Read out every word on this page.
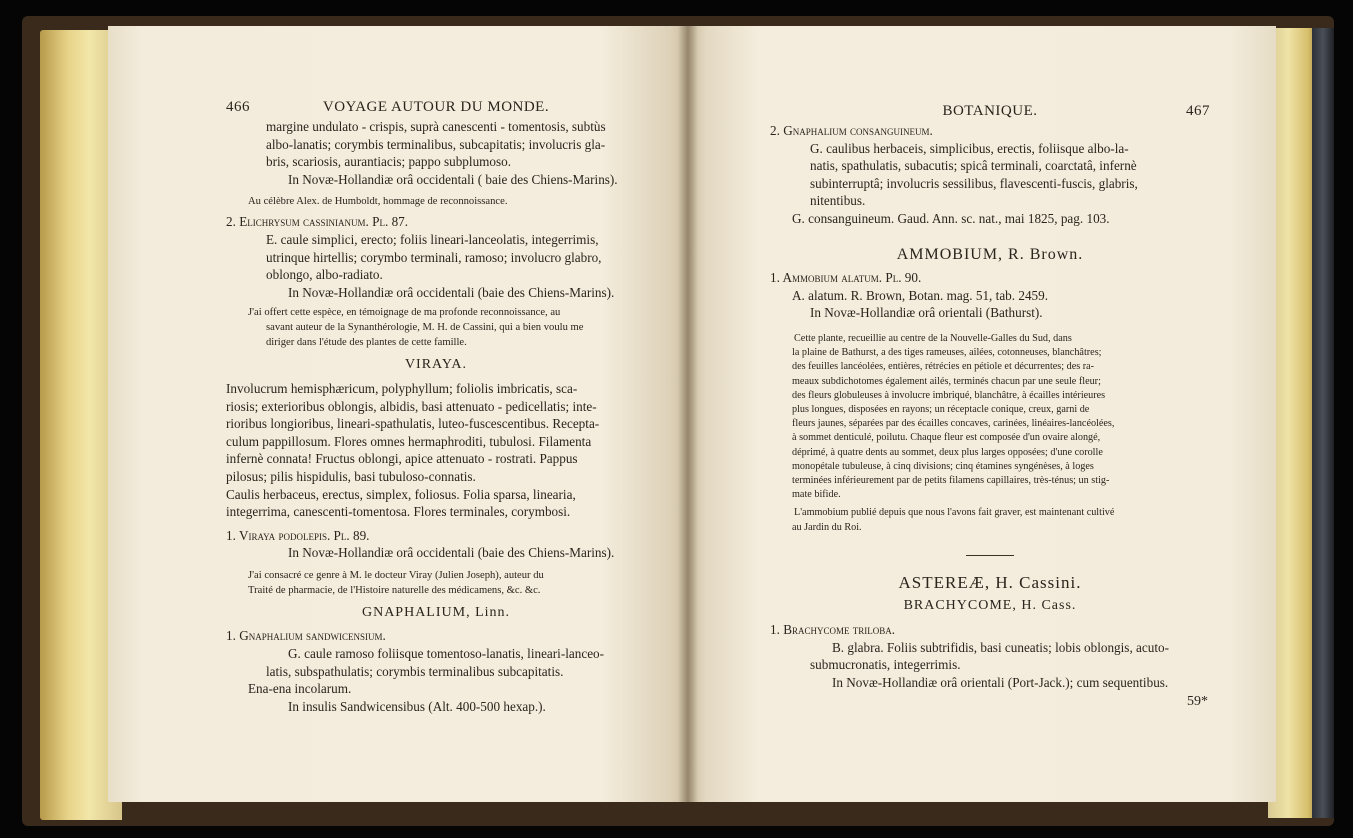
466	VOYAGE AUTOUR DU MONDE.

margine undulato - crispis, suprà canescenti - tomentosis, subtùs

albo-lanatis; corymbis terminalibus, subcapitatis; involucris gla-

bris, scariosis, aurantiacis; pappo subplumoso.

In Novæ-Hollandiæ orâ occidentali ( baie des Chiens-Marins).

Au célèbre Alex. de Humboldt, hommage de reconnoissance.

2. Elichrysum cassinianum. Pl. 87.

E. caule simplici, erecto; foliis lineari-lanceolatis, integerrimis,

utrinque hirtellis; corymbo terminali, ramoso; involucro glabro,

oblongo, albo-radiato.

In Novæ-Hollandiæ orâ occidentali (baie des Chiens-Marins).

J'ai offert cette espèce, en témoignage de ma profonde reconnoissance, au

savant auteur de la Synanthérologie, M. H. de Cassini, qui a bien voulu me

diriger dans l'étude des plantes de cette famille.

VIRAYA.

Involucrum hemisphæricum, polyphyllum; foliolis imbricatis, sca-

riosis; exterioribus oblongis, albidis, basi attenuato - pedicellatis; inte-

rioribus longioribus, lineari-spathulatis, luteo-fuscescentibus. Recepta-

culum pappillosum. Flores omnes hermaphroditi, tubulosi. Filamenta

infernè connata! Fructus oblongi, apice attenuato - rostrati. Pappus

pilosus; pilis hispidulis, basi tubuloso-connatis.

Caulis herbaceus, erectus, simplex, foliosus. Folia sparsa, linearia,

integerrima, canescenti-tomentosa. Flores terminales, corymbosi.

1. Viraya podolepis. Pl. 89.

In Novæ-Hollandiæ orâ occidentali (baie des Chiens-Marins).

J'ai consacré ce genre à M. le docteur Viray (Julien Joseph), auteur du

Traité de pharmacie, de l'Histoire naturelle des médicamens, &c. &c.

GNAPHALIUM, Linn.

1. Gnaphalium sandwicensium.

G. caule ramoso foliisque tomentoso-lanatis, lineari-lanceo-

latis, subspathulatis; corymbis terminalibus subcapitatis.

Ena-ena incolarum.

In insulis Sandwicensibus (Alt. 400-500 hexap.).

BOTANIQUE.	467

2. Gnaphalium consanguineum.

G. caulibus herbaceis, simplicibus, erectis, foliisque albo-la-

natis, spathulatis, subacutis; spicâ terminali, coarctatâ, infernè

subinterruptâ; involucris sessilibus, flavescenti-fuscis, glabris,

nitentibus.

G. consanguineum. Gaud. Ann. sc. nat., mai 1825, pag. 103.

AMMOBIUM, R. Brown.

1. Ammobium alatum. Pl. 90.

A. alatum. R. Brown, Botan. mag. 51, tab. 2459.

In Novæ-Hollandiæ orâ orientali (Bathurst).

Cette plante, recueillie au centre de la Nouvelle-Galles du Sud, dans

la plaine de Bathurst, a des tiges rameuses, ailées, cotonneuses, blanchâtres;

des feuilles lancéolées, entières, rétrécies en pétiole et décurrentes; des ra-

meaux subdichotomes également ailés, terminés chacun par une seule fleur;

des fleurs globuleuses à involucre imbriqué, blanchâtre, à écailles intérieures

plus longues, disposées en rayons; un réceptacle conique, creux, garni de

fleurs jaunes, séparées par des écailles concaves, carinées, linéaires-lancéolées,

à sommet denticulé, poilutu. Chaque fleur est composée d'un ovaire alongé,

déprimé, à quatre dents au sommet, deux plus larges opposées; d'une corolle

monopétale tubuleuse, à cinq divisions; cinq étamines syngénèses, à loges

terminées inférieurement par de petits filamens capillaires, très-ténus; un stig-

mate bifide.

L'ammobium publié depuis que nous l'avons fait graver, est maintenant cultivé

au Jardin du Roi.

ASTEREÆ, H. Cassini.

BRACHYCOME, H. Cass.

1. Brachycome triloba.

B. glabra. Foliis subtrifidis, basi cuneatis; lobis oblongis, acuto-

submucronatis, integerrimis.

In Novæ-Hollandiæ orâ orientali (Port-Jack.); cum sequentibus.

59*
